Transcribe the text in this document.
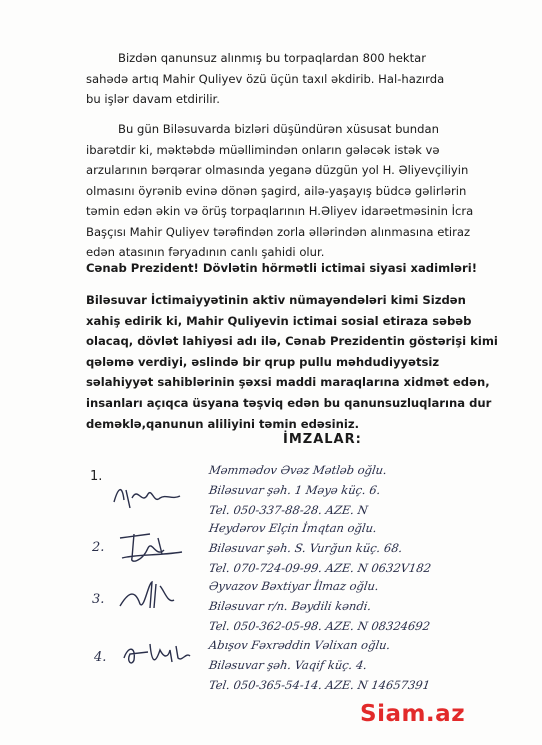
Bizdən qanunsuz alınmış bu torpaqlardan 800 hektar
sahədə artıq Mahir Quliyev özü üçün taxıl əkdirib. Hal-hazırda
bu işlər davam etdirilir.
Bu gün Biləsuvarda bizləri düşündürən xüsusat bundan
ibarətdir ki, məktəbdə müəllimindən onların gələcək istək və
arzularının bərqərar olmasında yeganə düzgün yol H. Əliyevçiliyin
olmasını öyrənib evinə dönən şagird, ailə-yaşayış büdcə gəlirlərin
təmin edən əkin və örüş torpaqlarının H.Əliyev idarəetməsinin İcra
Başçısı Mahir Quliyev tərəfindən zorla əllərindən alınmasına etiraz
edən atasının fəryadının canlı şahidi olur.
Cənab Prezident! Dövlətin hörmətli ictimai siyasi xadimləri!
Biləsuvar İctimaiyyətinin aktiv nümayəndələri kimi Sizdən
xahiş edirik ki, Mahir Quliyevin ictimai sosial etiraza səbəb
olacaq, dövlət lahiyəsi adı ilə, Cənab Prezidentin göstərişi kimi
qələmə verdiyi, əslində bir qrup pullu məhdudiyyətsiz
səlahiyyət sahiblərinin şəxsi maddi maraqlarına xidmət edən,
insanları açıqca üsyana təşviq edən bu qanunsuzluqlarına dur
deməklə,qanunun aliliyini təmin edəsiniz.
İMZALAR:
1.	Məmmədov Əvəz Mətləb oğlu.
Biləsuvar şəh. 1 Məyə küç. 6.
Tel. 050-337-88-28. AZE. N
2.
Heydərov Elçin İmqtan oğlu.
Biləsuvar şəh. S. Vurğun küç. 68.
Tel. 070-724-09-99. AZE. N 0632V182
3.
Əyvazov Bəxtiyar İlmaz oğlu.
Biləsuvar r/n. Bəydili kəndi.
Tel. 050-362-05-98. AZE. N 08324692
4.
Abışov Fəxrəddin Vəlixan oğlu.
Biləsuvar şəh. Vaqif küç. 4.
Tel. 050-365-54-14. AZE. N 14657391
Siam.az
